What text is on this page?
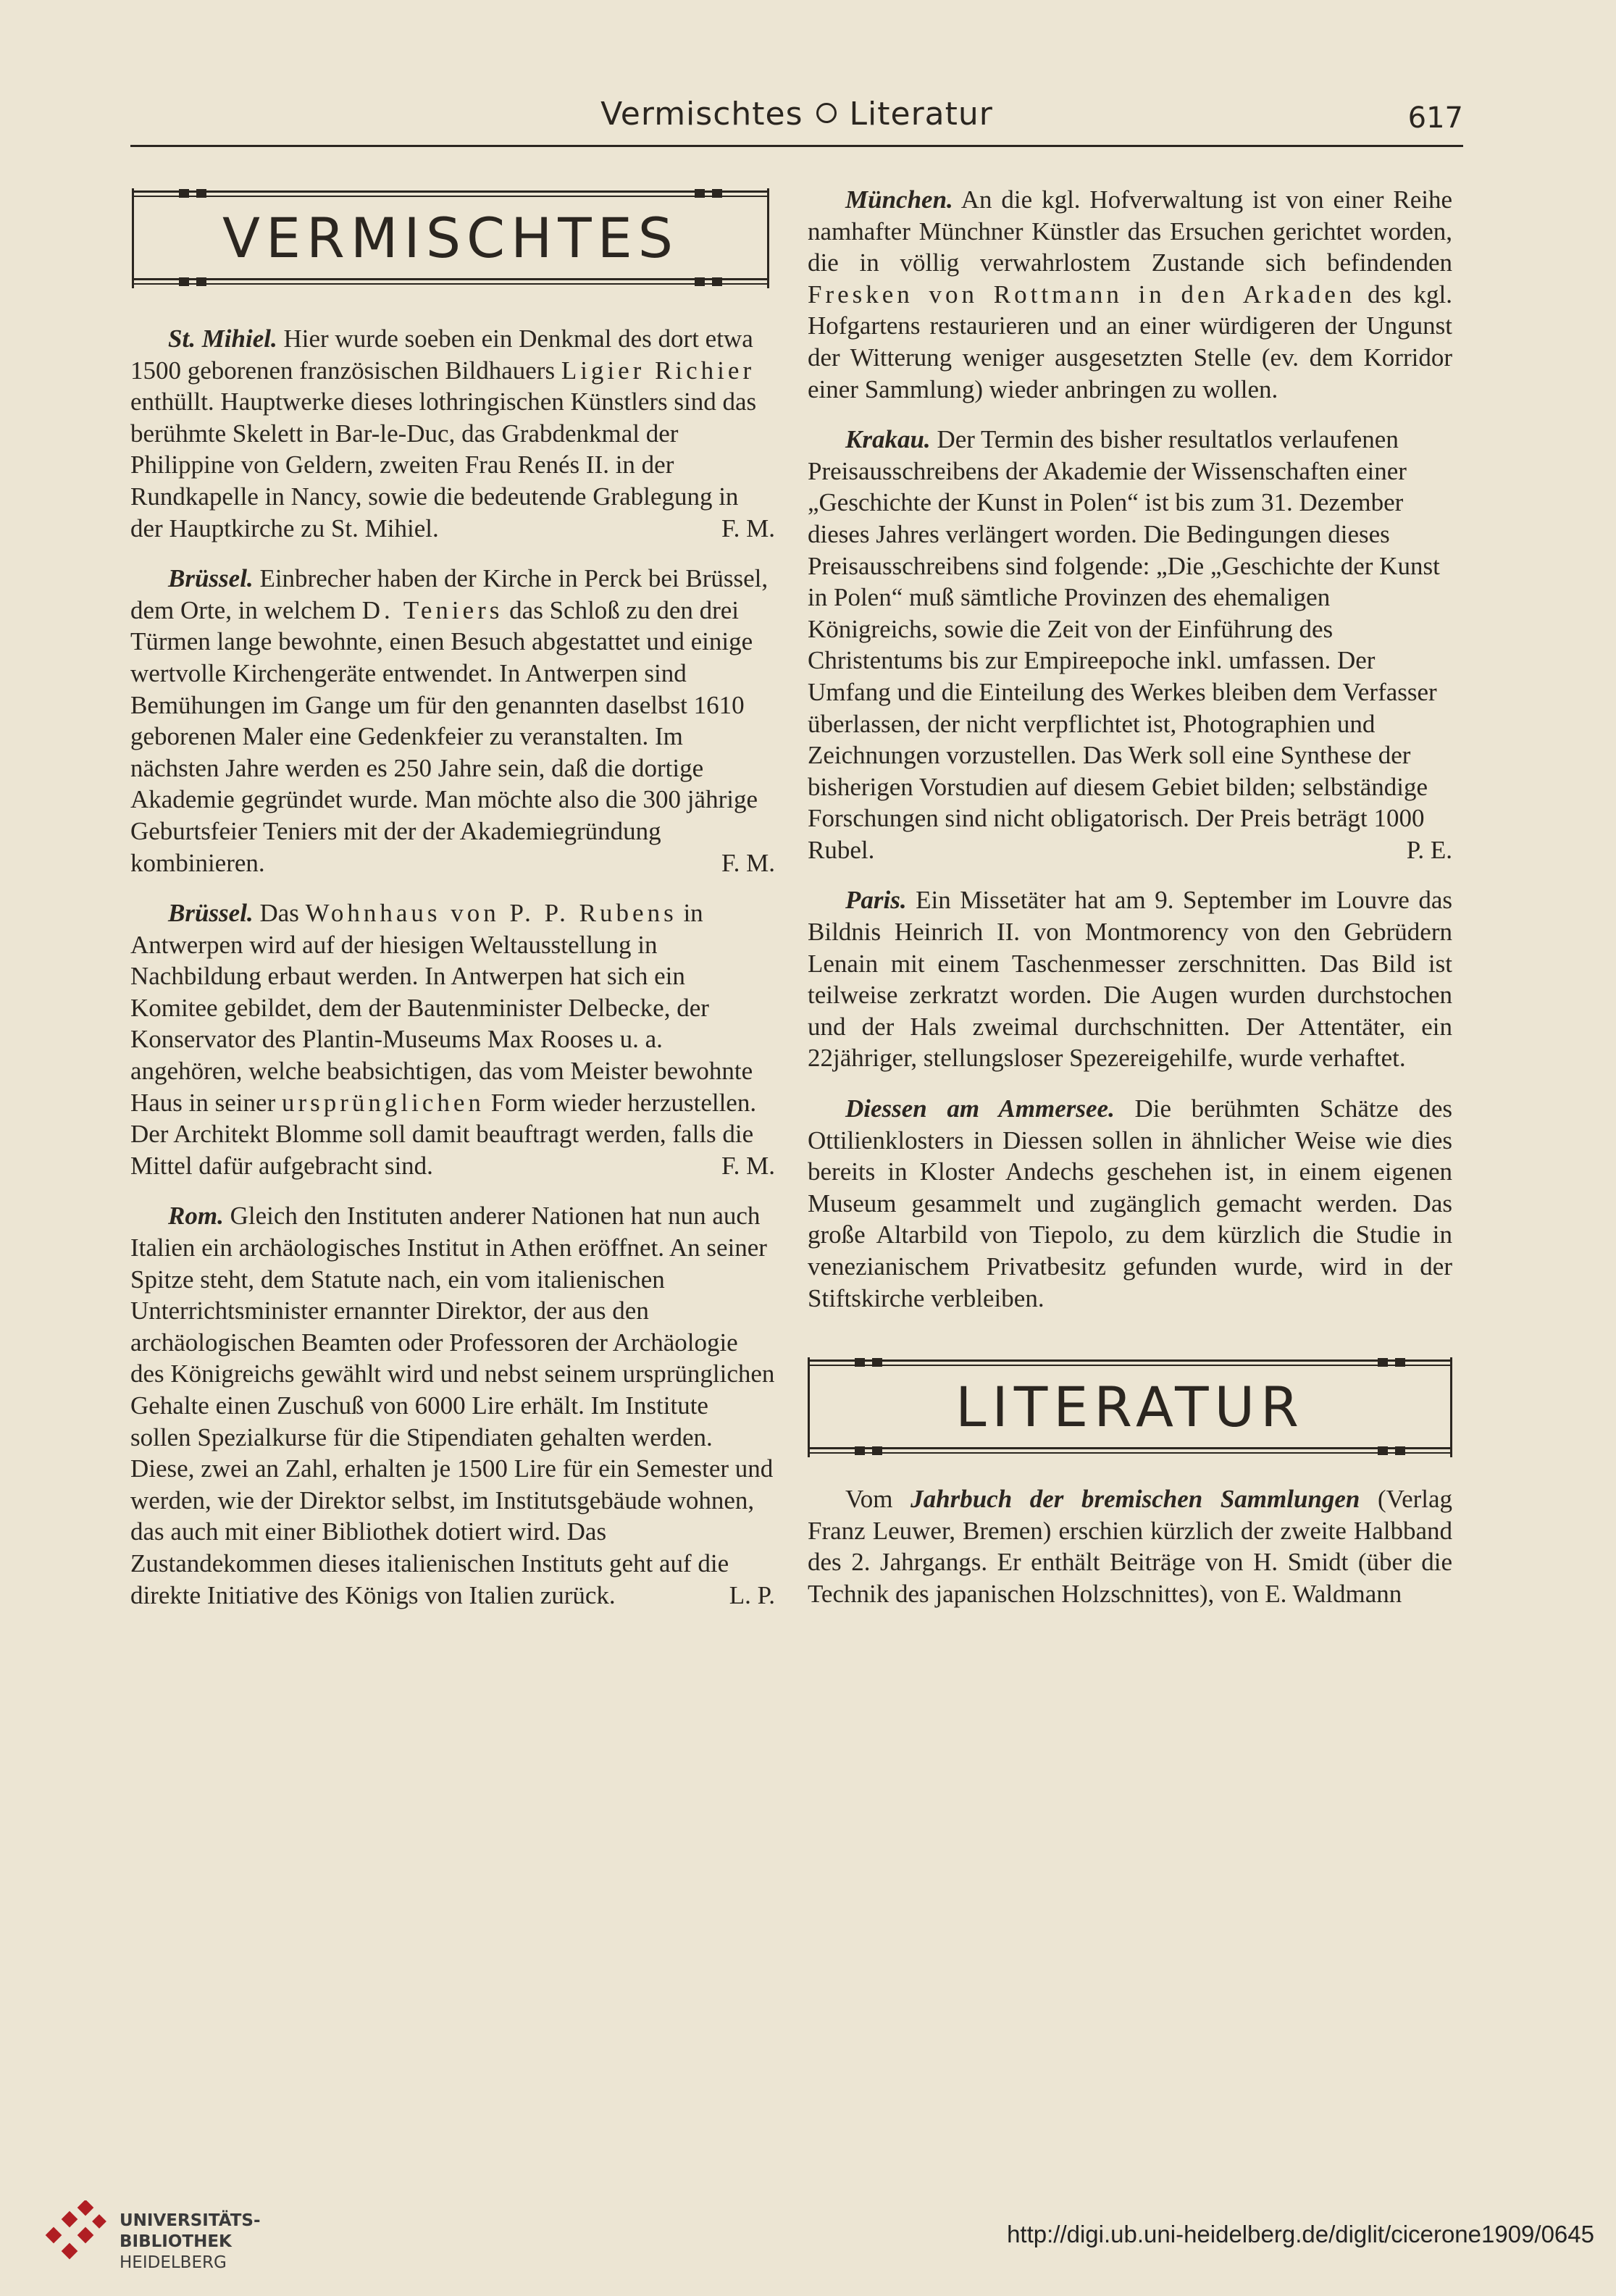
Vermischtes Literatur	617
VERMISCHTES

St. Mihiel. Hier wurde soeben ein Denkmal des dort etwa 1500 geborenen französischen Bildhauers Ligier Richier enthüllt. Hauptwerke dieses lothringischen Künstlers sind das berühmte Skelett in Bar-le-Duc, das Grabdenkmal der Philippine von Geldern, zweiten Frau Renés II. in der Rundkapelle in Nancy, sowie die bedeutende Grablegung in der Hauptkirche zu St. Mihiel.	F. M.

Brüssel. Einbrecher haben der Kirche in Perck bei Brüssel, dem Orte, in welchem D. Teniers das Schloß zu den drei Türmen lange bewohnte, einen Besuch abgestattet und einige wertvolle Kirchengeräte entwendet. In Antwerpen sind Bemühungen im Gange um für den genannten daselbst 1610 geborenen Maler eine Gedenkfeier zu veranstalten. Im nächsten Jahre werden es 250 Jahre sein, daß die dortige Akademie gegründet wurde. Man möchte also die 300 jährige Geburtsfeier Teniers mit der der Akademiegründung kombinieren.	F. M.

Brüssel. Das Wohnhaus von P. P. Rubens in Antwerpen wird auf der hiesigen Weltausstellung in Nachbildung erbaut werden. In Antwerpen hat sich ein Komitee gebildet, dem der Bautenminister Delbecke, der Konservator des Plantin-Museums Max Rooses u. a. angehören, welche beabsichtigen, das vom Meister bewohnte Haus in seiner ursprünglichen Form wieder herzustellen. Der Architekt Blomme soll damit beauftragt werden, falls die Mittel dafür aufgebracht sind.	F. M.

Rom. Gleich den Instituten anderer Nationen hat nun auch Italien ein archäologisches Institut in Athen eröffnet. An seiner Spitze steht, dem Statute nach, ein vom italienischen Unterrichtsminister ernannter Direktor, der aus den archäologischen Beamten oder Professoren der Archäologie des Königreichs gewählt wird und nebst seinem ursprünglichen Gehalte einen Zuschuß von 6000 Lire erhält. Im Institute sollen Spezialkurse für die Stipendiaten gehalten werden. Diese, zwei an Zahl, erhalten je 1500 Lire für ein Semester und werden, wie der Direktor selbst, im Institutsgebäude wohnen, das auch mit einer Bibliothek dotiert wird. Das Zustandekommen dieses italienischen Instituts geht auf die direkte Initiative des Königs von Italien zurück.	L. P.

München. An die kgl. Hofverwaltung ist von einer Reihe namhafter Münchner Künstler das Ersuchen gerichtet worden, die in völlig verwahrlostem Zustande sich befindenden Fresken von Rottmann in den Arkaden des kgl. Hofgartens restaurieren und an einer würdigeren der Ungunst der Witterung weniger ausgesetzten Stelle (ev. dem Korridor einer Sammlung) wieder anbringen zu wollen.

Krakau. Der Termin des bisher resultatlos verlaufenen Preisausschreibens der Akademie der Wissenschaften einer „Geschichte der Kunst in Polen“ ist bis zum 31. Dezember dieses Jahres verlängert worden. Die Bedingungen dieses Preisausschreibens sind folgende: „Die „Geschichte der Kunst in Polen“ muß sämtliche Provinzen des ehemaligen Königreichs, sowie die Zeit von der Einführung des Christentums bis zur Empireepoche inkl. umfassen. Der Umfang und die Einteilung des Werkes bleiben dem Verfasser überlassen, der nicht verpflichtet ist, Photographien und Zeichnungen vorzustellen. Das Werk soll eine Synthese der bisherigen Vorstudien auf diesem Gebiet bilden; selbständige Forschungen sind nicht obligatorisch. Der Preis beträgt 1000 Rubel.	P. E.

Paris. Ein Missetäter hat am 9. September im Louvre das Bildnis Heinrich II. von Montmorency von den Gebrüdern Lenain mit einem Taschenmesser zerschnitten. Das Bild ist teilweise zerkratzt worden. Die Augen wurden durchstochen und der Hals zweimal durchschnitten. Der Attentäter, ein 22jähriger, stellungsloser Spezereigehilfe, wurde verhaftet.

Diessen am Ammersee. Die berühmten Schätze des Ottilienklosters in Diessen sollen in ähnlicher Weise wie dies bereits in Kloster Andechs geschehen ist, in einem eigenen Museum gesammelt und zugänglich gemacht werden. Das große Altarbild von Tiepolo, zu dem kürzlich die Studie in venezianischem Privatbesitz gefunden wurde, wird in der Stiftskirche verbleiben.

LITERATUR

Vom Jahrbuch der bremischen Sammlungen (Verlag Franz Leuwer, Bremen) erschien kürzlich der zweite Halbband des 2. Jahrgangs. Er enthält Beiträge von H. Smidt (über die Technik des japanischen Holzschnittes), von E. Waldmann

UNIVERSITÄTS-
BIBLIOTHEK
HEIDELBERG
http://digi.ub.uni-heidelberg.de/diglit/cicerone1909/0645
